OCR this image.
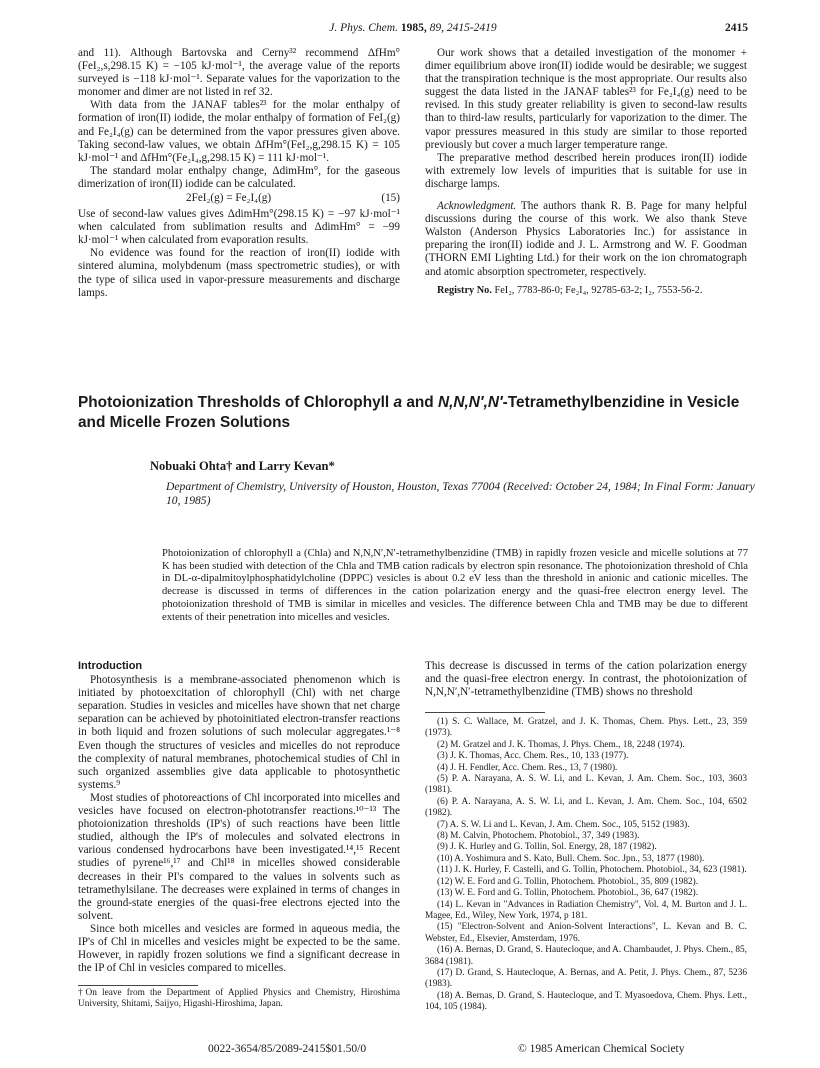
J. Phys. Chem. 1985, 89, 2415-2419	2415

and 11). Although Bartovska and Cerny³² recommend ΔfHm°(FeI₂,s,298.15 K) = −105 kJ·mol⁻¹, the average value of the reports surveyed is −118 kJ·mol⁻¹. Separate values for the vaporization to the monomer and dimer are not listed in ref 32.

With data from the JANAF tables²³ for the molar enthalpy of formation of iron(II) iodide, the molar enthalpy of formation of FeI₂(g) and Fe₂I₄(g) can be determined from the vapor pressures given above. Taking second-law values, we obtain ΔfHm°(FeI₂,g,298.15 K) = 105 kJ·mol⁻¹ and ΔfHm°(Fe₂I₄,g,298.15 K) = 111 kJ·mol⁻¹.

The standard molar enthalpy change, ΔdimHm°, for the gaseous dimerization of iron(II) iodide can be calculated.

2FeI₂(g) = Fe₂I₄(g)	(15)

Use of second-law values gives ΔdimHm°(298.15 K) = −97 kJ·mol⁻¹ when calculated from sublimation results and ΔdimHm° = −99 kJ·mol⁻¹ when calculated from evaporation results.

No evidence was found for the reaction of iron(II) iodide with sintered alumina, molybdenum (mass spectrometric studies), or with the type of silica used in vapor-pressure measurements and discharge lamps.

Our work shows that a detailed investigation of the monomer + dimer equilibrium above iron(II) iodide would be desirable; we suggest that the transpiration technique is the most appropriate. Our results also suggest the data listed in the JANAF tables²³ for Fe₂I₄(g) need to be revised. In this study greater reliability is given to second-law results than to third-law results, particularly for vaporization to the dimer. The vapor pressures measured in this study are similar to those reported previously but cover a much larger temperature range.

The preparative method described herein produces iron(II) iodide with extremely low levels of impurities that is suitable for use in discharge lamps.

Acknowledgment. The authors thank R. B. Page for many helpful discussions during the course of this work. We also thank Steve Walston (Anderson Physics Laboratories Inc.) for assistance in preparing the iron(II) iodide and J. L. Armstrong and W. F. Goodman (THORN EMI Lighting Ltd.) for their work on the ion chromatograph and atomic absorption spectrometer, respectively.

Registry No. FeI₂, 7783-86-0; Fe₂I₄, 92785-63-2; I₂, 7553-56-2.

Photoionization Thresholds of Chlorophyll a and N,N,N′,N′-Tetramethylbenzidine in Vesicle and Micelle Frozen Solutions
Nobuaki Ohta† and Larry Kevan*
Department of Chemistry, University of Houston, Houston, Texas 77004 (Received: October 24, 1984; In Final Form: January 10, 1985)
Photoionization of chlorophyll a (Chla) and N,N,N′,N′-tetramethylbenzidine (TMB) in rapidly frozen vesicle and micelle solutions at 77 K has been studied with detection of the Chla and TMB cation radicals by electron spin resonance. The photoionization threshold of Chla in DL-α-dipalmitoylphosphatidylcholine (DPPC) vesicles is about 0.2 eV less than the threshold in anionic and cationic micelles. The decrease is discussed in terms of differences in the cation polarization energy and the quasi-free electron energy level. The photoionization threshold of TMB is similar in micelles and vesicles. The difference between Chla and TMB may be due to different extents of their penetration into micelles and vesicles.
Introduction

Photosynthesis is a membrane-associated phenomenon which is initiated by photoexcitation of chlorophyll (Chl) with net charge separation. Studies in vesicles and micelles have shown that net charge separation can be achieved by photoinitiated electron-transfer reactions in both liquid and frozen solutions of such molecular aggregates.¹⁻⁸ Even though the structures of vesicles and micelles do not reproduce the complexity of natural membranes, photochemical studies of Chl in such organized assemblies give data applicable to photosynthetic systems.⁹

Most studies of photoreactions of Chl incorporated into micelles and vesicles have focused on electron-phototransfer reactions.¹⁰⁻¹³ The photoionization thresholds (IP's) of such reactions have been little studied, although the IP's of molecules and solvated electrons in various condensed hydrocarbons have been investigated.¹⁴,¹⁵ Recent studies of pyrene¹⁶,¹⁷ and Chl¹⁸ in micelles showed considerable decreases in their PI's compared to the values in solvents such as tetramethylsilane. The decreases were explained in terms of changes in the ground-state energies of the quasi-free electrons ejected into the solvent.

Since both micelles and vesicles are formed in aqueous media, the IP's of Chl in micelles and vesicles might be expected to be the same. However, in rapidly frozen solutions we find a significant decrease in the IP of Chl in vesicles compared to micelles.

This decrease is discussed in terms of the cation polarization energy and the quasi-free electron energy. In contrast, the photoionization of N,N,N′,N′-tetramethylbenzidine (TMB) shows no threshold

(1) S. C. Wallace, M. Gratzel, and J. K. Thomas, Chem. Phys. Lett., 23, 359 (1973).

(2) M. Gratzel and J. K. Thomas, J. Phys. Chem., 18, 2248 (1974).

(3) J. K. Thomas, Acc. Chem. Res., 10, 133 (1977).

(4) J. H. Fendler, Acc. Chem. Res., 13, 7 (1980).

(5) P. A. Narayana, A. S. W. Li, and L. Kevan, J. Am. Chem. Soc., 103, 3603 (1981).

(6) P. A. Narayana, A. S. W. Li, and L. Kevan, J. Am. Chem. Soc., 104, 6502 (1982).

(7) A. S. W. Li and L. Kevan, J. Am. Chem. Soc., 105, 5152 (1983).

(8) M. Calvin, Photochem. Photobiol., 37, 349 (1983).

(9) J. K. Hurley and G. Tollin, Sol. Energy, 28, 187 (1982).

(10) A. Yoshimura and S. Kato, Bull. Chem. Soc. Jpn., 53, 1877 (1980).

(11) J. K. Hurley, F. Castelli, and G. Tollin, Photochem. Photobiol., 34, 623 (1981).

(12) W. E. Ford and G. Tollin, Photochem. Photobiol., 35, 809 (1982).

(13) W. E. Ford and G. Tollin, Photochem. Photobiol., 36, 647 (1982).

(14) L. Kevan in "Advances in Radiation Chemistry", Vol. 4, M. Burton and J. L. Magee, Ed., Wiley, New York, 1974, p 181.

(15) "Electron-Solvent and Anion-Solvent Interactions", L. Kevan and B. C. Webster, Ed., Elsevier, Amsterdam, 1976.

(16) A. Bernas, D. Grand, S. Hautecloque, and A. Chambaudet, J. Phys. Chem., 85, 3684 (1981).

(17) D. Grand, S. Hautecloque, A. Bernas, and A. Petit, J. Phys. Chem., 87, 5236 (1983).

(18) A. Bernas, D. Grand, S. Hautecloque, and T. Myasoedova, Chem. Phys. Lett., 104, 105 (1984).

†On leave from the Department of Applied Physics and Chemistry, Hiroshima University, Shitami, Saijyo, Higashi-Hiroshima, Japan.
0022-3654/85/2089-2415$01.50/0	© 1985 American Chemical Society
